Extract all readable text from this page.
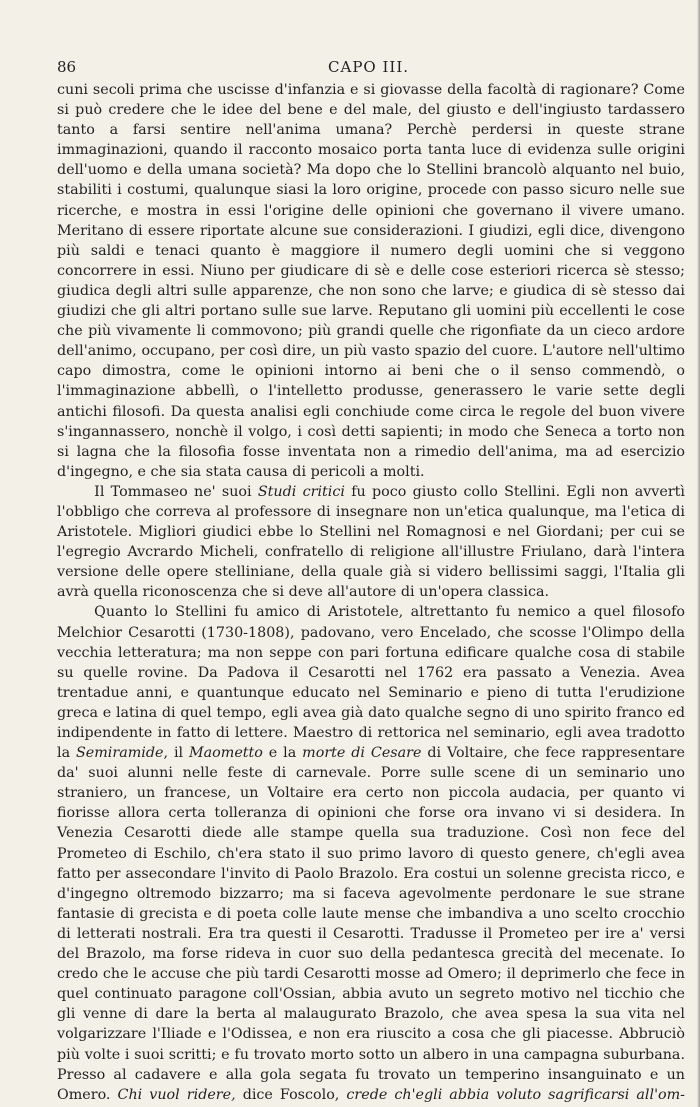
86	CAPO III.

cuni secoli prima che uscisse d'infanzia e si giovasse della facoltà di ragionare? Come si può credere che le idee del bene e del male, del giusto e dell'ingiusto tardassero tanto a farsi sentire nell'anima umana? Perchè perdersi in queste strane immaginazioni, quando il racconto mosaico porta tanta luce di evidenza sulle origini dell'uomo e della umana società? Ma dopo che lo Stellini brancolò alquanto nel buio, stabiliti i costumi, qualunque siasi la loro origine, procede con passo sicuro nelle sue ricerche, e mostra in essi l'origine delle opinioni che governano il vivere umano. Meritano di essere riportate alcune sue considerazioni. I giudizi, egli dice, divengono più saldi e tenaci quanto è maggiore il numero degli uomini che si veggono concorrere in essi. Niuno per giudicare di sè e delle cose esteriori ricerca sè stesso; giudica degli altri sulle apparenze, che non sono che larve; e giudica di sè stesso dai giudizi che gli altri portano sulle sue larve. Reputano gli uomini più eccellenti le cose che più vivamente li commovono; più grandi quelle che rigonfiate da un cieco ardore dell'animo, occupano, per così dire, un più vasto spazio del cuore. L'autore nell'ultimo capo dimostra, come le opinioni intorno ai beni che o il senso commendò, o l'immaginazione abbellì, o l'intelletto produsse, generassero le varie sette degli antichi filosofi. Da questa analisi egli conchiude come circa le regole del buon vivere s'ingannassero, nonchè il volgo, i così detti sapienti; in modo che Seneca a torto non si lagna che la filosofia fosse inventata non a rimedio dell'anima, ma ad esercizio d'ingegno, e che sia stata causa di pericoli a molti.

Il Tommaseo ne' suoi Studi critici fu poco giusto collo Stellini. Egli non avvertì l'obbligo che correva al professore di insegnare non un'etica qualunque, ma l'etica di Aristotele. Migliori giudici ebbe lo Stellini nel Romagnosi e nel Giordani; per cui se l'egregio Avcrardo Micheli, confratello di religione all'illustre Friulano, darà l'intera versione delle opere stelliniane, della quale già si videro bellissimi saggi, l'Italia gli avrà quella riconoscenza che si deve all'autore di un'opera classica.

Quanto lo Stellini fu amico di Aristotele, altrettanto fu nemico a quel filosofo Melchior Cesarotti (1730-1808), padovano, vero Enceladо, che scosse l'Olimpo della vecchia letteratura; ma non seppe con pari fortuna edificare qualche cosa di stabile su quelle rovine. Da Padova il Cesarotti nel 1762 era passato a Venezia. Avea trentadue anni, e quantunque educato nel Seminario e pieno di tutta l'erudizione greca e latina di quel tempo, egli avea già dato qualche segno di uno spirito franco ed indipendente in fatto di lettere. Maestro di rettorica nel seminario, egli avea tradotto la Semiramide, il Maometto e la morte di Cesare di Voltaire, che fece rappresentare da' suoi alunni nelle feste di carnevale. Porre sulle scene di un seminario uno straniero, un francese, un Voltaire era certo non piccola audacia, per quanto vi fiorisse allora certa tolleranza di opinioni che forse ora invano vi si desidera. In Venezia Cesarotti diede alle stampe quella sua traduzione. Così non fece del Prometeo di Eschilo, ch'era stato il suo primo lavoro di questo genere, ch'egli avea fatto per assecondare l'invito di Paolo Brazolo. Era costui un solenne grecista ricco, e d'ingegno oltremodo bizzarro; ma si faceva agevolmente perdonare le sue strane fantasie di grecista e di poeta colle laute mense che imbandiva a uno scelto crocchio di letterati nostrali. Era tra questi il Cesarotti. Tradusse il Prometeo per ire a' versi del Brazolo, ma forse rideva in cuor suo della pedantesca grecità del mecenate. Io credo che le accuse che più tardi Cesarotti mosse ad Omero; il deprimerlo che fece in quel continuato paragone coll'Ossian, abbia avuto un segreto motivo nel ticchio che gli venne di dare la berta al malaugurato Brazolo, che avea spesa la sua vita nel volgarizzare l'Iliade e l'Odissea, e non era riuscito a cosa che gli piacesse. Abbruciò più volte i suoi scritti; e fu trovato morto sotto un albero in una campagna suburbana. Presso al cadavere e alla gola segata fu trovato un temperino insanguinato e un Omero. Chi vuol ridere, dice Foscolo, crede ch'egli abbia voluto sagrificarsi all'om-
